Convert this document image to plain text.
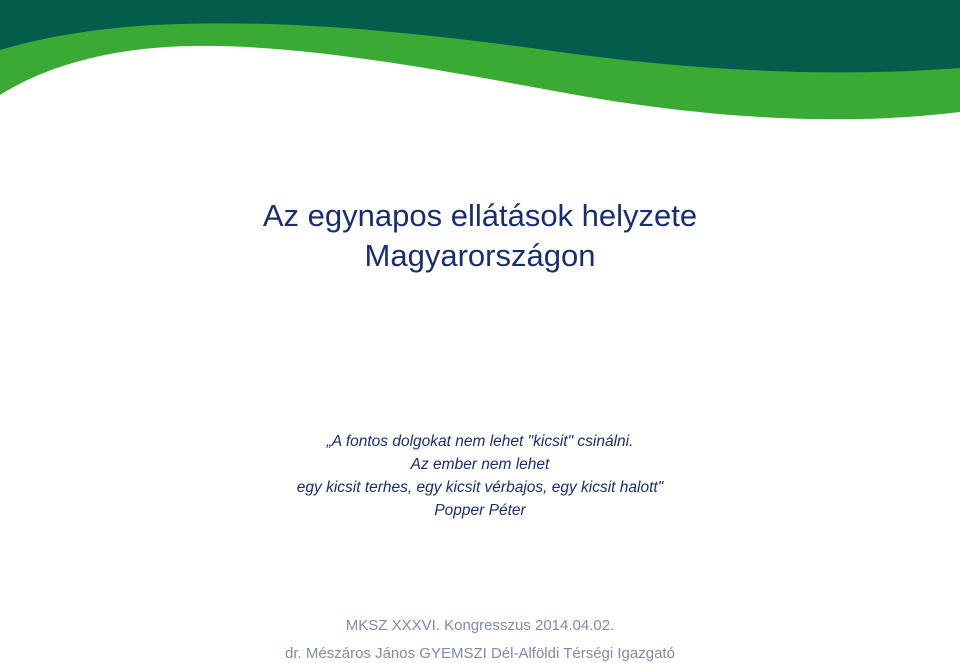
Az egynapos ellátások helyzete
Magyarországon
„A fontos dolgokat nem lehet "kicsit" csinálni.
Az ember nem lehet
egy kicsit terhes, egy kicsit vérbajos, egy kicsit halott"
Popper Péter
MKSZ XXXVI. Kongresszus 2014.04.02.
dr. Mészáros János GYEMSZI Dél-Alföldi Térségi Igazgató
